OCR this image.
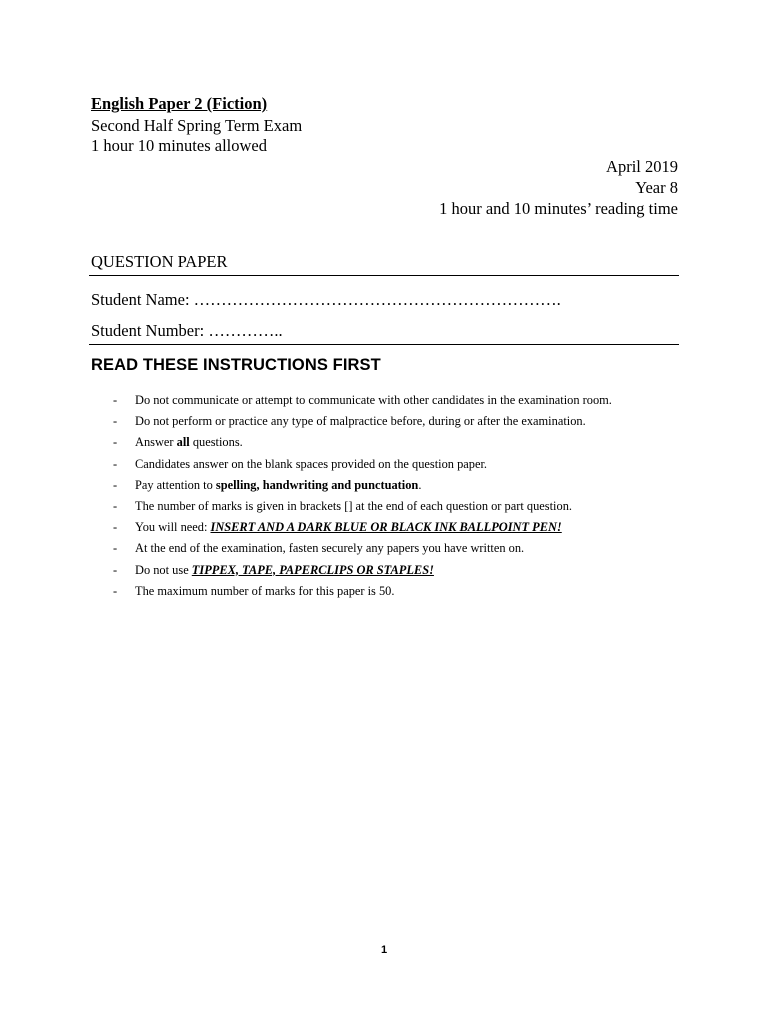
English Paper 2 (Fiction)

Second Half Spring Term Exam

1 hour 10 minutes allowed

April 2019

Year 8

1 hour and 10 minutes’ reading time

QUESTION PAPER

Student Name: ………………………………………………………….

Student Number: …………..

READ THESE INSTRUCTIONS FIRST

- Do not communicate or attempt to communicate with other candidates in the examination room.
- Do not perform or practice any type of malpractice before, during or after the examination.
- Answer all questions.
- Candidates answer on the blank spaces provided on the question paper.
- Pay attention to spelling, handwriting and punctuation.
- The number of marks is given in brackets [] at the end of each question or part question.
- You will need: INSERT AND A DARK BLUE OR BLACK INK BALLPOINT PEN!
- At the end of the examination, fasten securely any papers you have written on.
- Do not use TIPPEX, TAPE, PAPERCLIPS OR STAPLES!
- The maximum number of marks for this paper is 50.

1
